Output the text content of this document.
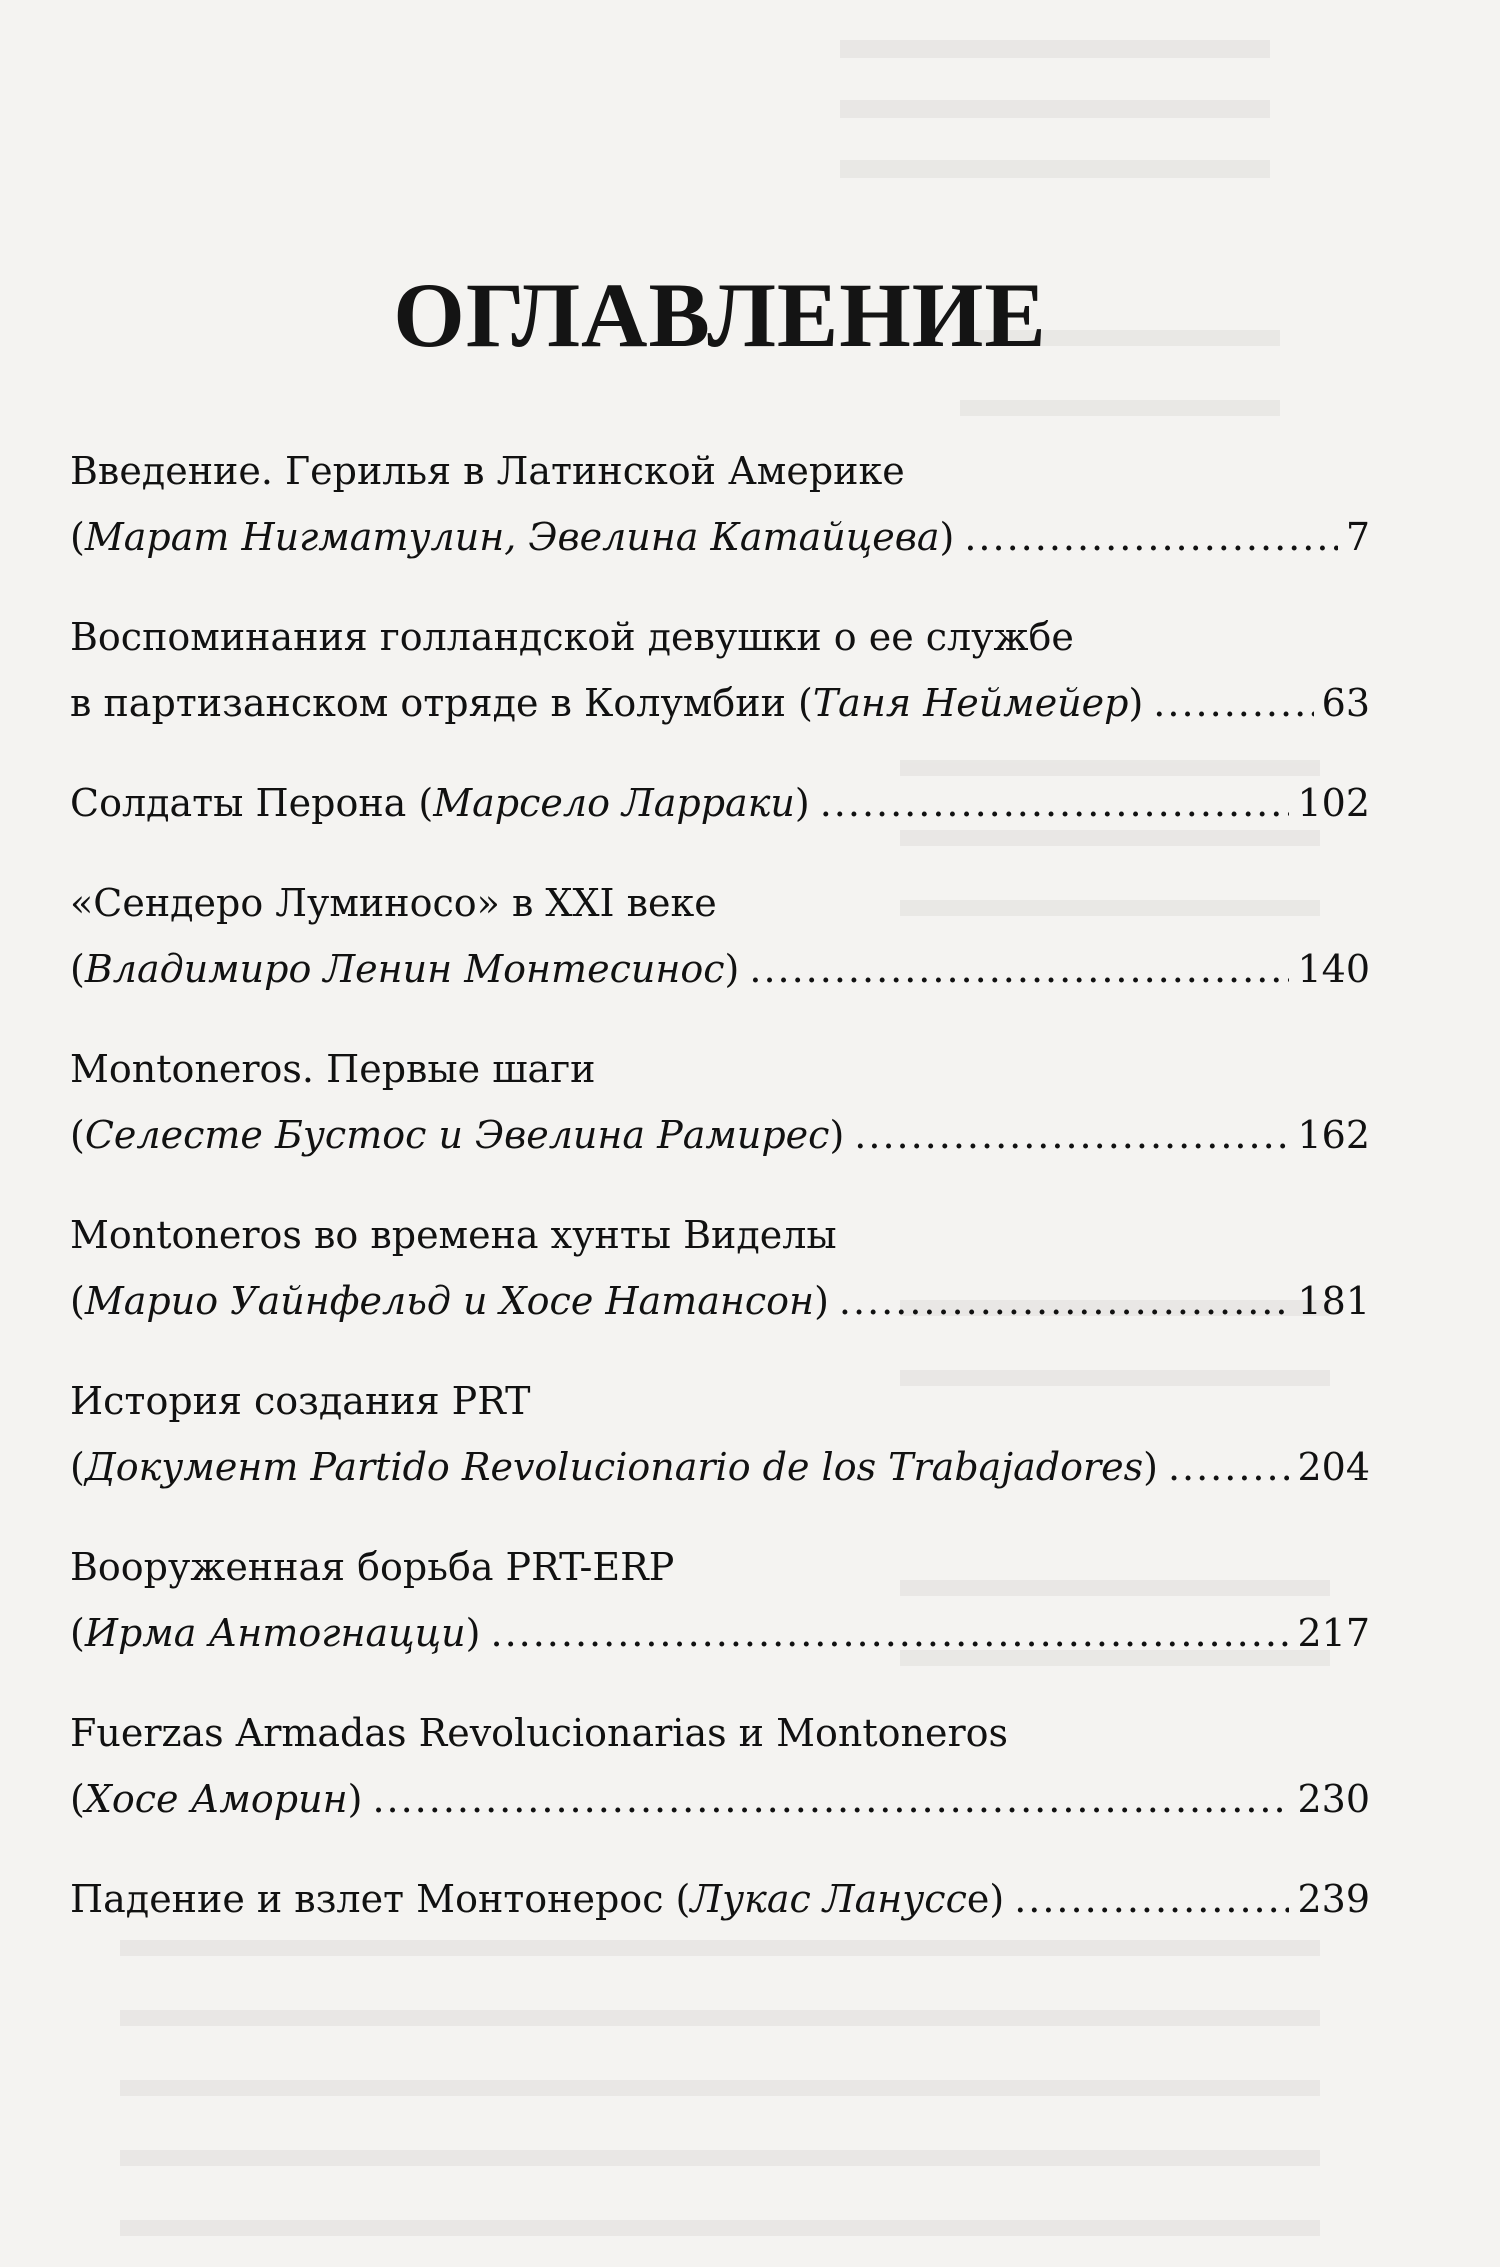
ОГЛАВЛЕНИЕ
Введение. Герилья в Латинской Америке
(Марат Нигматулин, Эвелина Катайцева) .....	7
Воспоминания голландской девушки о ее службе
в партизанском отряде в Колумбии (Таня Неймейер) .....	63
Солдаты Перона (Марсело Ларраки) .....	102
«Сендеро Луминосо» в XXI веке
(Владимиро Ленин Монтесинос) .....	140
Montoneros. Первые шаги
(Селесте Бустос и Эвелина Рамирес) .....	162
Montoneros во времена хунты Виделы
(Марио Уайнфельд и Хосе Натансон) .....	181
История создания PRT
(Документ Partido Revolucionario de los Trabajadores) .....	204
Вооруженная борьба PRT-ERP
(Ирма Антогнацци) .....	217
Fuerzas Armadas Revolucionarias и Montoneros
(Хосе Аморин) .....	230
Падение и взлет Монтонерос (Лукас Лануссе) .....	239
